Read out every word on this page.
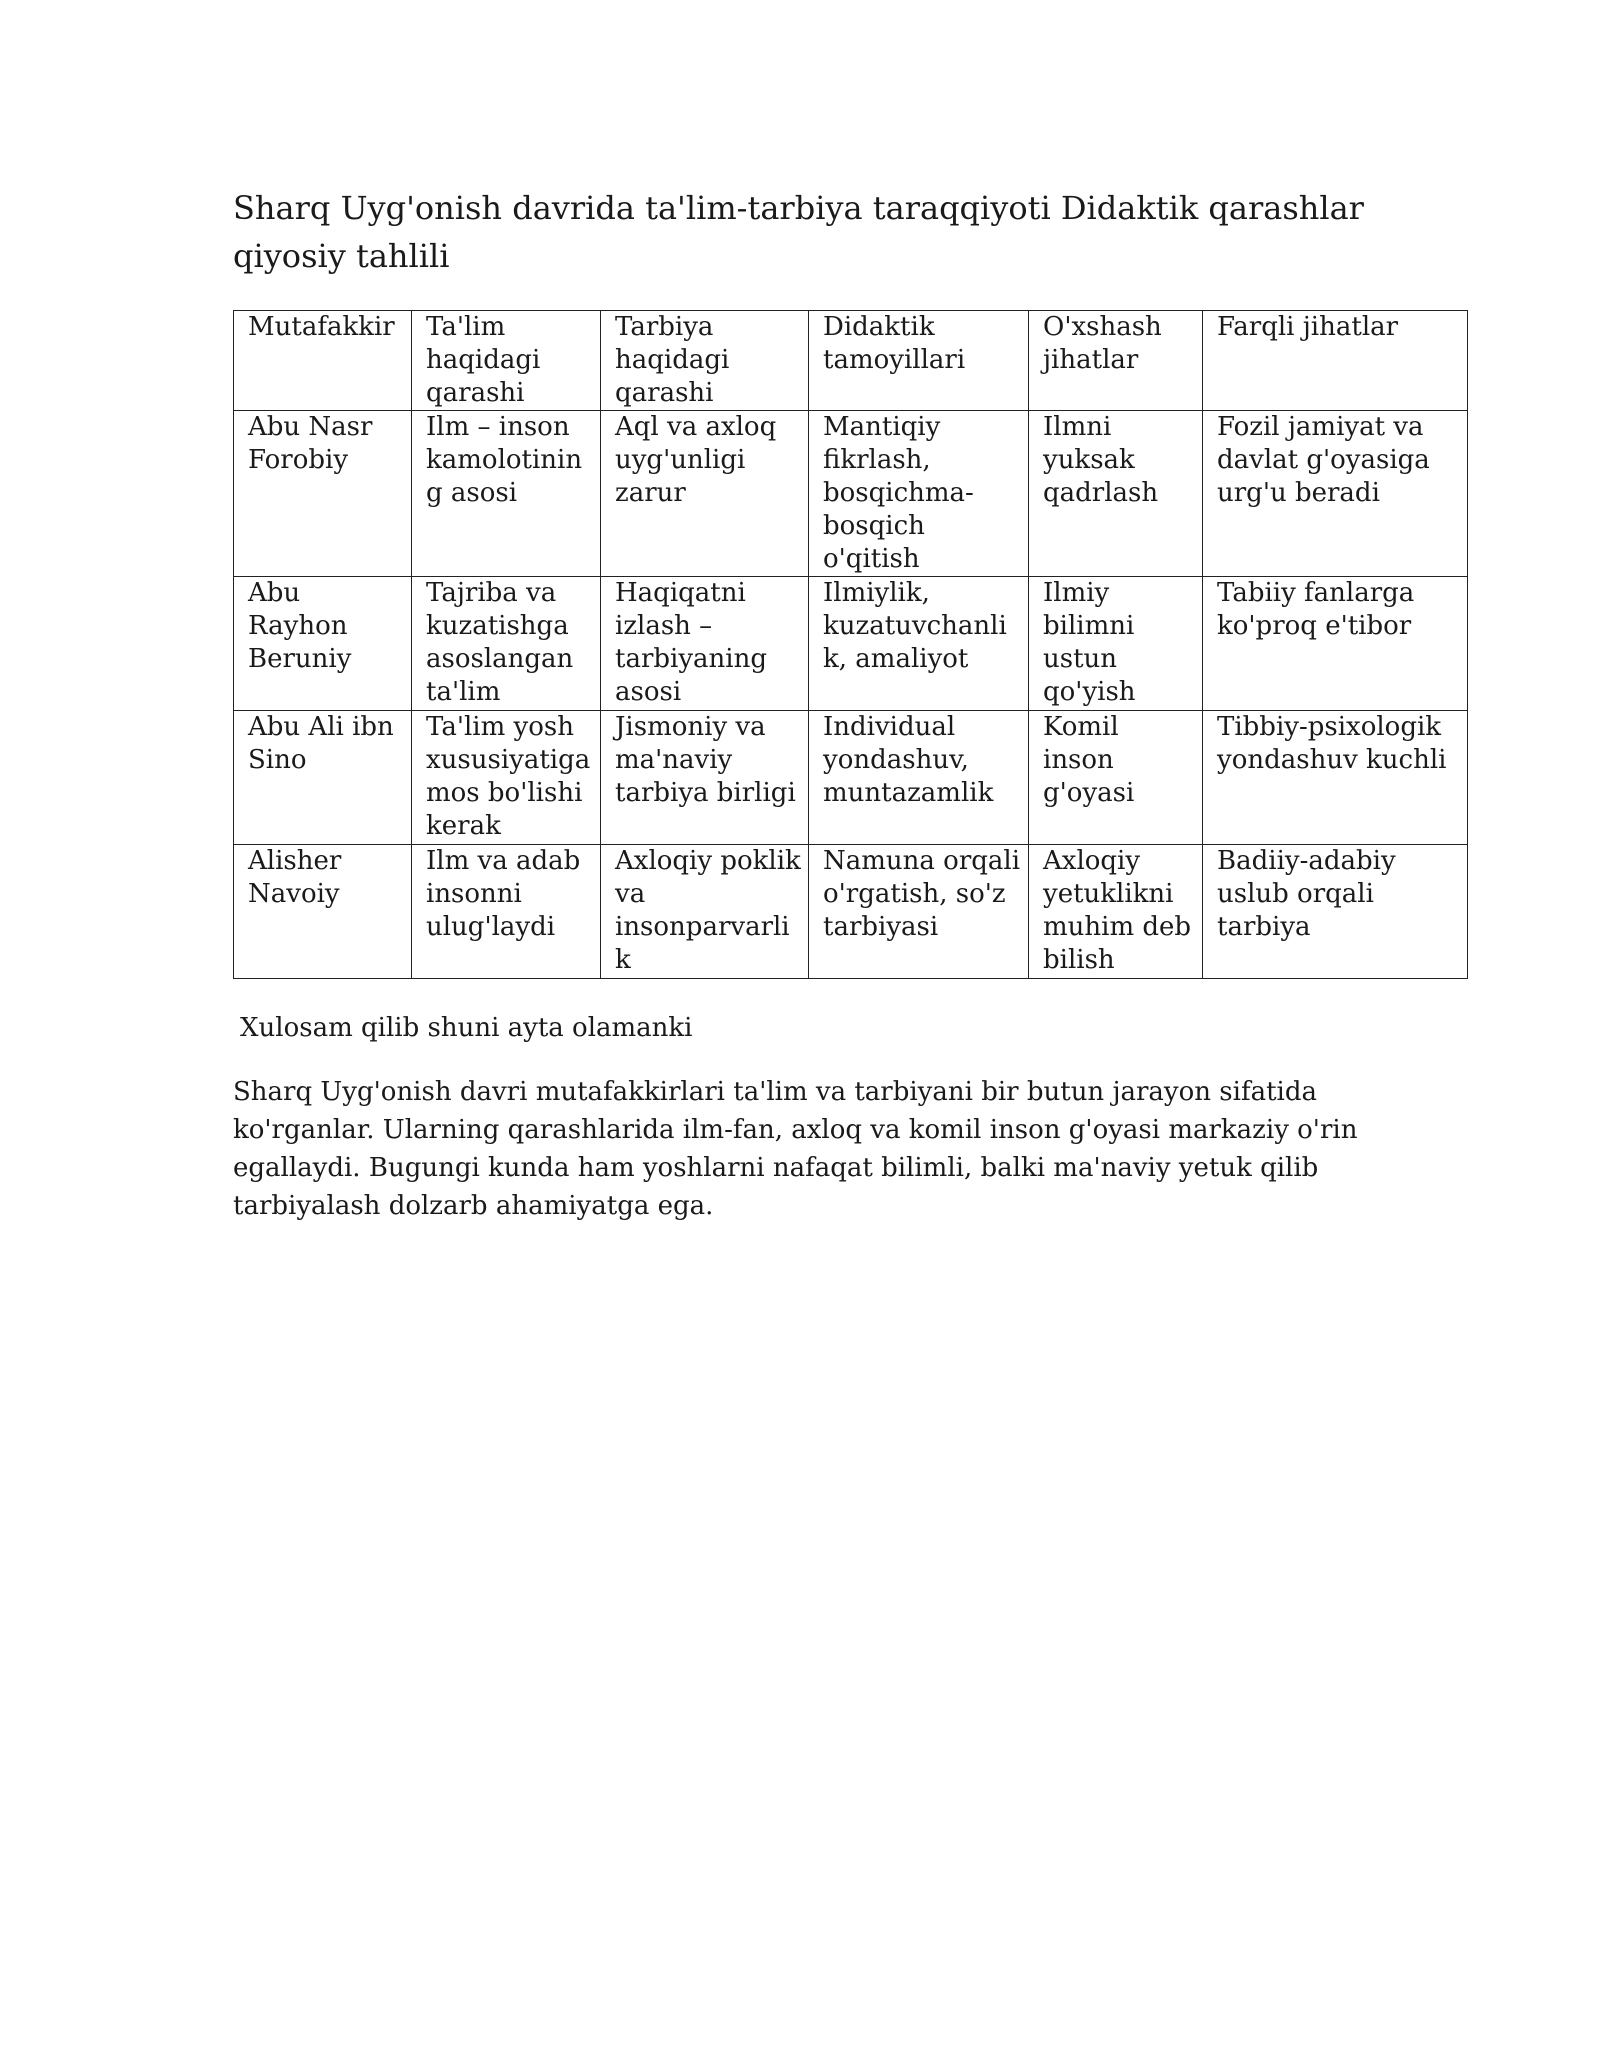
Sharq Uyg'onish davrida ta'lim-tarbiya taraqqiyoti Didaktik qarashlar qiyosiy tahlili
Mutafakkir	Ta'lim haqidagi qarashi	Tarbiya haqidagi qarashi	Didaktik tamoyillari	O'xshash jihatlar	Farqli jihatlar
Abu Nasr Forobiy	Ilm – inson kamolotining asosi	Aql va axloq uyg'unligi zarur	Mantiqiy fikrlash, bosqichma-bosqich o'qitish	Ilmni yuksak qadrlash	Fozil jamiyat va davlat g'oyasiga urg'u beradi
Abu Rayhon Beruniy	Tajriba va kuzatishga asoslangan ta'lim	Haqiqatni izlash – tarbiyaning asosi	Ilmiylik, kuzatuvchanlik, amaliyot	Ilmiy bilimni ustun qo'yish	Tabiiy fanlarga ko'proq e'tibor
Abu Ali ibn Sino	Ta'lim yosh xususiyatiga mos bo'lishi kerak	Jismoniy va ma'naviy tarbiya birligi	Individual yondashuv, muntazamlik	Komil inson g'oyasi	Tibbiy-psixologik yondashuv kuchli
Alisher Navoiy	Ilm va adab insonni ulug'laydi	Axloqiy poklik va insonparvarlik	Namuna orqali o'rgatish, so'z tarbiyasi	Axloqiy yetuklikni muhim deb bilish	Badiiy-adabiy uslub orqali tarbiya

Xulosam qilib shuni ayta olamanki

Sharq Uyg'onish davri mutafakkirlari ta'lim va tarbiyani bir butun jarayon sifatida ko'rganlar. Ularning qarashlarida ilm-fan, axloq va komil inson g'oyasi markaziy o'rin egallaydi. Bugungi kunda ham yoshlarni nafaqat bilimli, balki ma'naviy yetuk qilib tarbiyalash dolzarb ahamiyatga ega.
